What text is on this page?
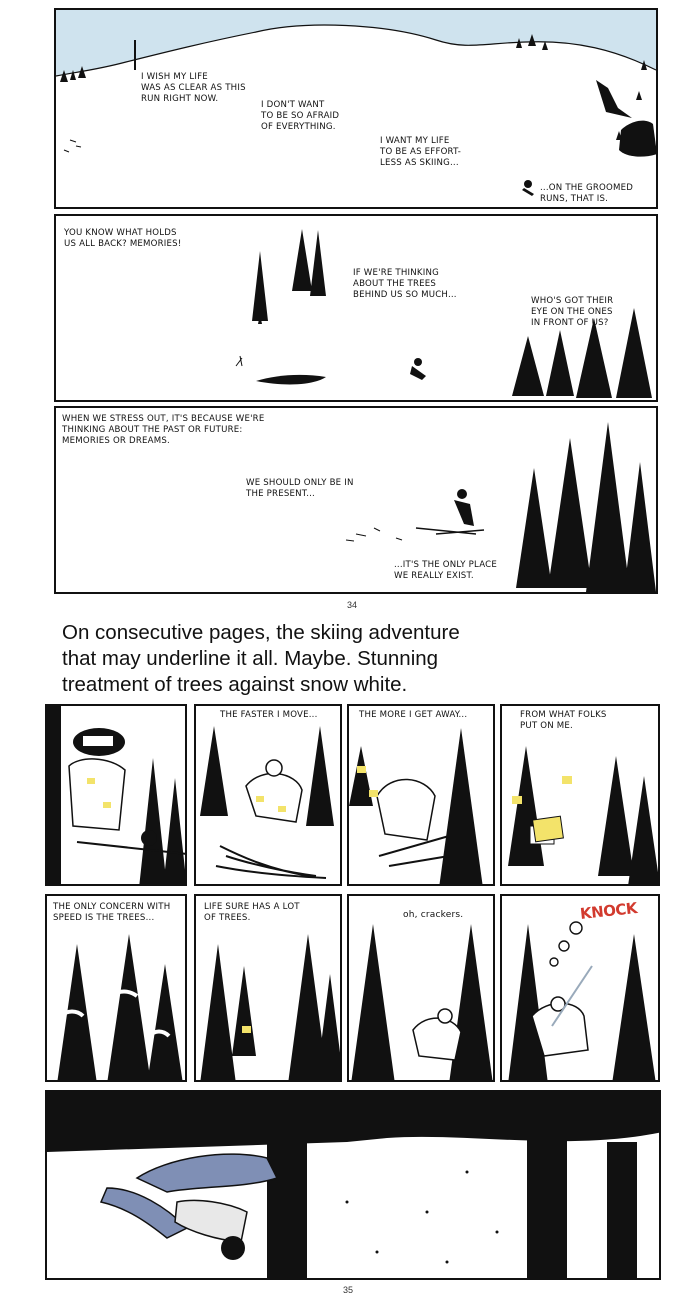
I WISH MY LIFE
WAS AS CLEAR AS THIS
RUN RIGHT NOW.
I DON'T WANT
TO BE SO AFRAID
OF EVERYTHING.
I WANT MY LIFE
TO BE AS EFFORT-
LESS AS SKIING...
...ON THE GROOMED
RUNS, THAT IS.
YOU KNOW WHAT HOLDS
US ALL BACK? MEMORIES!
IF WE'RE THINKING
ABOUT THE TREES
BEHIND US SO MUCH...
WHO'S GOT THEIR
EYE ON THE ONES
IN FRONT OF US?
WHEN WE STRESS OUT, IT'S BECAUSE WE'RE
THINKING ABOUT THE PAST OR FUTURE:
MEMORIES OR DREAMS.
WE SHOULD ONLY BE IN
THE PRESENT...
...IT'S THE ONLY PLACE
WE REALLY EXIST.
34
On consecutive pages, the skiing adventure
that may underline it all. Maybe. Stunning
treatment of trees against snow white.
THE FASTER I MOVE...	THE MORE I GET AWAY...	FROM WHAT FOLKS
PUT ON ME.
THE ONLY CONCERN WITH
SPEED IS THE TREES...
LIFE SURE HAS A LOT
OF TREES.	oh, crackers.	KNOCK
35
